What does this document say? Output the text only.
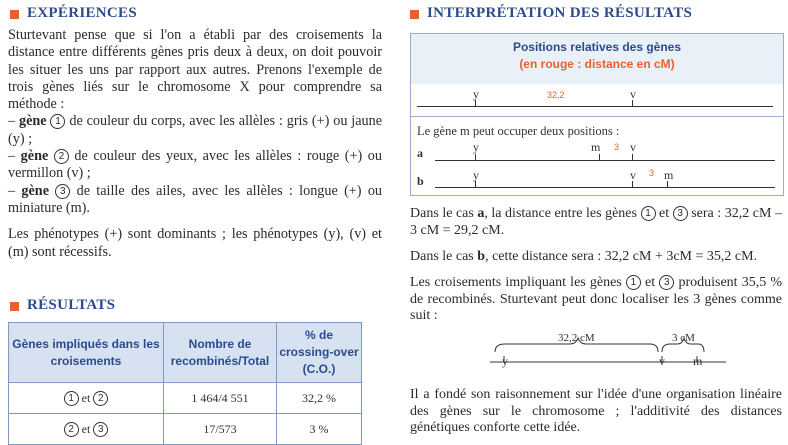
EXPÉRIENCES

Sturtevant pense que si l'on a établi par des croisements la distance entre différents gènes pris deux à deux, on doit pouvoir les situer les uns par rapport aux autres. Prenons l'exemple de trois gènes liés sur le chromosome X pour comprendre sa méthode :

– gène 1 de couleur du corps, avec les allèles : gris (+) ou jaune (y) ;

– gène 2 de couleur des yeux, avec les allèles : rouge (+) ou vermillon (v) ;

– gène 3 de taille des ailes, avec les allèles : longue (+) ou miniature (m).

Les phénotypes (+) sont dominants ; les phénotypes (y), (v) et (m) sont récessifs.

RÉSULTATS
Gènes impliqués dans les croisements	Nombre de recombinés/Total	% de crossing-over (C.O.)
1 et 2	1 464/4 551	32,2 %
2 et 3	17/573	3 %
INTERPRÉTATION DES RÉSULTATS
Positions relatives des gènes
(en rouge : distance en cM)
y	v
32,2
Le gène m peut occuper deux positions :
a	y	m 3 v
b	y	v 3 m

Dans le cas a, la distance entre les gènes 1 et 3 sera : 32,2 cM – 3 cM = 29,2 cM.

Dans le cas b, cette distance sera : 32,2 cM + 3cM = 35,2 cM.

Les croisements impliquant les gènes 1 et 3 produisent 35,5 % de recombinés. Sturtevant peut donc localiser les 3 gènes comme suit :

32,2 cM	3 cM
y	v m
Il a fondé son raisonnement sur l'idée d'une organisation linéaire des gènes sur le chromosome ; l'additivité des distances génétiques conforte cette idée.
